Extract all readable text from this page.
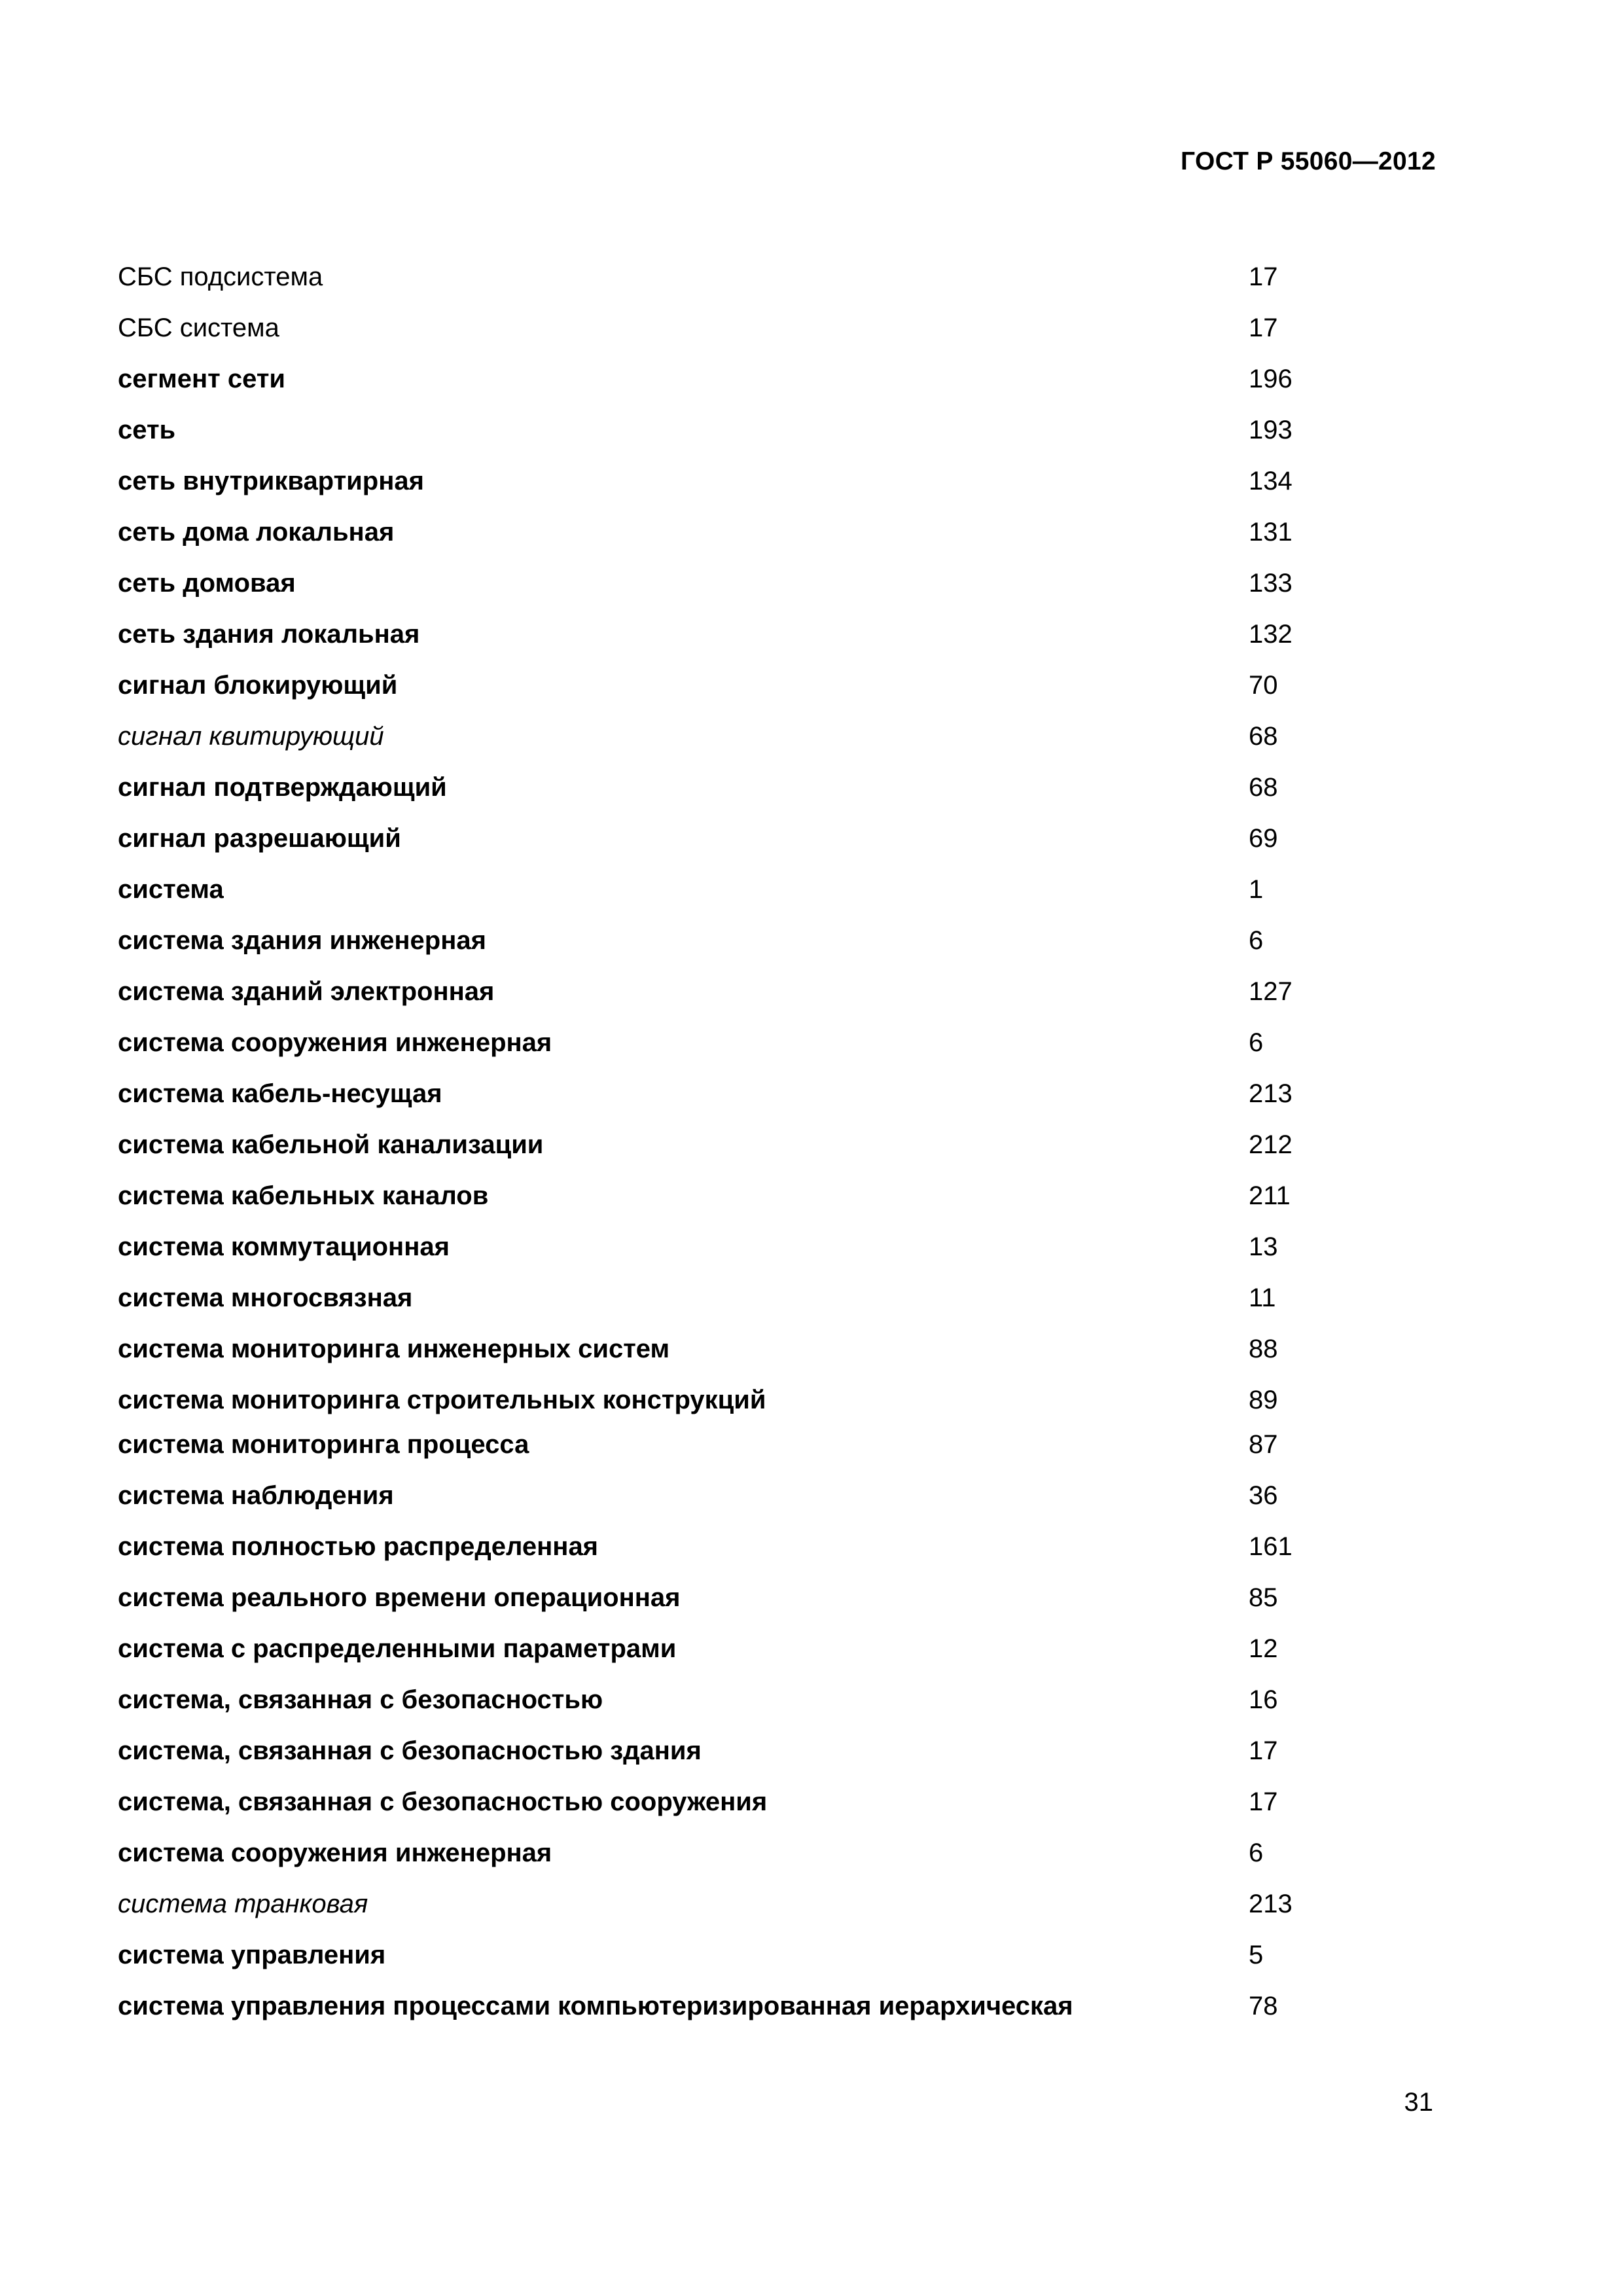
ГОСТ Р 55060—2012
СБС подсистема	17
СБС система	17
сегмент сети	196
сеть	193
сеть внутриквартирная	134
сеть дома локальная	131
сеть домовая	133
сеть здания локальная	132
сигнал блокирующий	70
сигнал квитирующий	68
сигнал подтверждающий	68
сигнал разрешающий	69
система	1
система здания инженерная	6
система зданий электронная	127
система сооружения инженерная	6
система кабель-несущая	213
система кабельной канализации	212
система кабельных каналов	211
система коммутационная	13
система многосвязная	11
система мониторинга инженерных систем	88
система мониторинга строительных конструкций	89
система мониторинга процесса	87
система наблюдения	36
система полностью распределенная	161
система реального времени операционная	85
система с распределенными параметрами	12
система, связанная с безопасностью	16
система, связанная с безопасностью здания	17
система, связанная с безопасностью сооружения	17
система сооружения инженерная	6
система транковая	213
система управления	5
система управления процессами компьютеризированная иерархическая	78
31
